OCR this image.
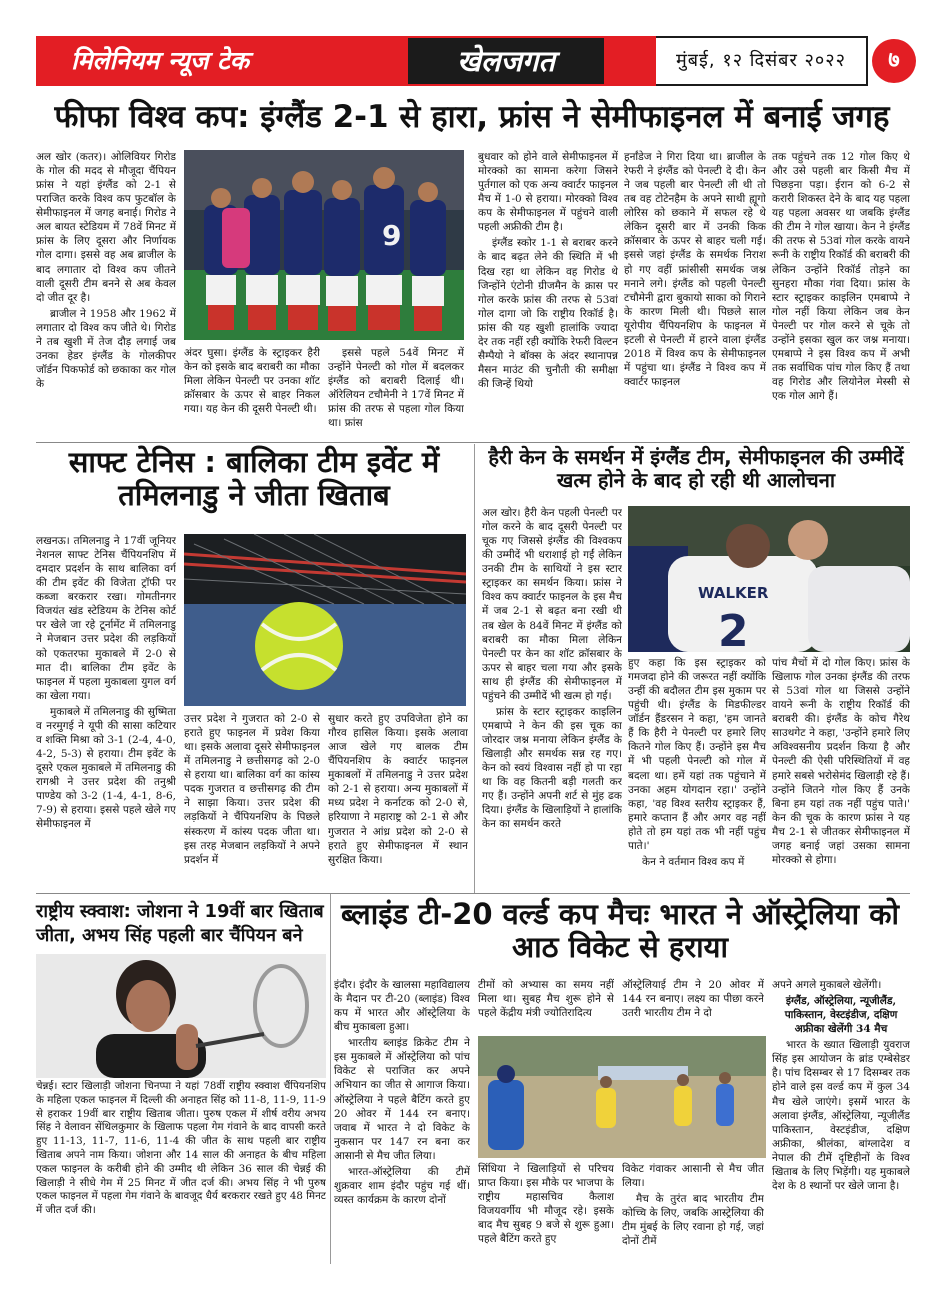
मिलेनियम न्यूज टेक	खेलजगत	मुंबई, १२ दिसंबर २०२२	७
फीफा विश्व कप: इंग्लैंड 2-1 से हारा, फ्रांस ने सेमीफाइनल में बनाई जगह

अल खोर (कतर)। ओलिवियर गिरोड के गोल की मदद से मौजूदा चैंपियन फ्रांस ने यहां इंग्लैंड को 2-1 से पराजित करके विश्व कप फुटबॉल के सेमीफाइनल में जगह बनाई। गिरोड ने अल बायत स्टेडियम में 78वें मिनट में फ्रांस के लिए दूसरा और निर्णायक गोल दागा। इससे वह अब ब्राजील के बाद लगातार दो विश्व कप जीतने वाली दूसरी टीम बनने से अब केवल दो जीत दूर है।

ब्राजील ने 1958 और 1962 में लगातार दो विश्व कप जीते थे। गिरोड ने तब खुशी में तेज दौड़ लगाई जब उनका हेडर इंग्लैंड के गोलकीपर जॉर्डन पिकफोर्ड को छकाका कर गोल के

9

अंदर घुसा। इंग्लैंड के स्ट्राइकर हैरी केन को इसके बाद बराबरी का मौका मिला लेकिन पेनल्टी पर उनका शॉट क्रॉसबार के ऊपर से बाहर निकल गया। यह केन की दूसरी पेनल्टी थी।

इससे पहले 54वें मिनट में उन्होंने पेनल्टी को गोल में बदलकर इंग्लैंड को बराबरी दिलाई थी। ऑरेलियन टचौमेनी ने 17वें मिनट में फ्रांस की तरफ से पहला गोल किया था। फ्रांस

बुधवार को होने वाले सेमीफाइनल में मोरक्को का सामना करेगा जिसने पुर्तगाल को एक अन्य क्वार्टर फाइनल मैच में 1-0 से हराया। मोरक्को विश्व कप के सेमीफाइनल में पहुंचने वाली पहली अफ्रीकी टीम है।

इंग्लैंड स्कोर 1-1 से बराबर करने के बाद बढ़त लेने की स्थिति में भी दिख रहा था लेकिन वह गिरोड थे जिन्होंने एंटोनी ग्रीजमैन के क्रास पर गोल करके फ्रांस की तरफ से 53वां गोल दागा जो कि राष्ट्रीय रिकॉर्ड है। फ्रांस की यह खुशी हालांकि ज्यादा देर तक नहीं रही क्योंकि रेफरी विल्टन सैम्पैयो ने बॉक्स के अंदर स्थानापन्न मैसन माउंट की चुनौती की समीक्षा की जिन्हें थियो

हर्नांडेज ने गिरा दिया था। ब्राजील के रेफरी ने इंग्लैंड को पेनल्टी दे दी। केन ने जब पहली बार पेनल्टी ली थी तो तब वह टोटेनहैम के अपने साथी ह्यूगो लोरिस को छकाने में सफल रहे थे लेकिन दूसरी बार में उनकी किक क्रॉसबार के ऊपर से बाहर चली गई। इससे जहां इंग्लैंड के समर्थक निराश हो गए वहीं फ्रांसीसी समर्थक जश्न मनाने लगे। इंग्लैंड को पहली पेनल्टी टचौमेनी द्वारा बुकायो साका को गिराने के कारण मिली थी। पिछले साल यूरोपीय चैंपियनशिप के फाइनल में इटली से पेनल्टी में हारने वाला इंग्लैंड 2018 में विश्व कप के सेमीफाइनल में पहुंचा था। इंग्लैंड ने विश्व कप में क्वार्टर फाइनल

तक पहुंचने तक 12 गोल किए थे और उसे पहली बार किसी मैच में पिछड़ना पड़ा। ईरान को 6-2 से करारी शिकस्त देने के बाद यह पहला यह पहला अवसर था जबकि इंग्लैंड की टीम ने गोल खाया। केन ने इंग्लैंड की तरफ से 53वां गोल करके वायने रूनी के राष्ट्रीय रिकॉर्ड की बराबरी की लेकिन उन्होंने रिकॉर्ड तोड़ने का सुनहरा मौका गंवा दिया। फ्रांस के स्टार स्ट्राइकर काइलिन एमबाप्पे ने गोल नहीं किया लेकिन जब केन पेनल्टी पर गोल करने से चूके तो उन्होंने इसका खुल कर जश्न मनाया। एमबाप्पे ने इस विश्व कप में अभी तक सर्वाधिक पांच गोल किए हैं तथा वह गिरोड और लियोनेल मेस्सी से एक गोल आगे हैं।

साफ्ट टेनिस : बालिका टीम इवेंट में तमिलनाडु ने जीता खिताब

लखनऊ। तमिलनाडु ने 17वीं जूनियर नेशनल साफ्ट टेनिस चैंपियनशिप में दमदार प्रदर्शन के साथ बालिका वर्ग की टीम इवेंट की विजेता ट्रॉफी पर कब्जा बरकरार रखा। गोमतीनगर विजयंत खंड स्टेडियम के टेनिस कोर्ट पर खेले जा रहे टूर्नामेंट में तमिलनाडु ने मेजबान उत्तर प्रदेश की लड़कियों को एकतरफा मुकाबले में 2-0 से मात दी। बालिका टीम इवेंट के फाइनल में पहला मुकाबला युगल वर्ग का खेला गया।

मुकाबले में तमिलनाडु की सुष्मिता व नरमुगई ने यूपी की सासा कटियार व शक्ति मिश्रा को 3-1 (2-4, 4-0, 4-2, 5-3) से हराया। टीम इवेंट के दूसरे एकल मुकाबले में तमिलनाडु की रागश्री ने उत्तर प्रदेश की तनुश्री पाण्डेय को 3-2 (1-4, 4-1, 8-6, 7-9) से हराया। इससे पहले खेले गए सेमीफाइनल में

उत्तर प्रदेश ने गुजरात को 2-0 से हराते हुए फाइनल में प्रवेश किया था। इसके अलावा दूसरे सेमीफाइनल में तमिलनाडु ने छत्तीसगढ़ को 2-0 से हराया था। बालिका वर्ग का कांस्य पदक गुजरात व छत्तीसगढ़ की टीम ने साझा किया। उत्तर प्रदेश की लड़कियों ने चैंपियनशिप के पिछले संस्करण में कांस्य पदक जीता था। इस तरह मेजबान लड़कियों ने अपने प्रदर्शन में

सुधार करते हुए उपविजेता होने का गौरव हासिल किया। इसके अलावा आज खेले गए बालक टीम चैंपियनशिप के क्वार्टर फाइनल मुकाबलों में तमिलनाडु ने उत्तर प्रदेश को 2-1 से हराया। अन्य मुकाबलों में मध्य प्रदेश ने कर्नाटक को 2-0 से, हरियाणा ने महाराष्ट्र को 2-1 से और गुजरात ने आंध्र प्रदेश को 2-0 से हराते हुए सेमीफाइनल में स्थान सुरक्षित किया।

हैरी केन के समर्थन में इंग्लैंड टीम, सेमीफाइनल की उम्मीदें खत्म होने के बाद हो रही थी आलोचना

अल खोर। हैरी केन पहली पेनल्टी पर गोल करने के बाद दूसरी पेनल्टी पर चूक गए जिससे इंग्लैंड की विश्वकप की उम्मीदें भी धराशाई हो गईं लेकिन उनकी टीम के साथियों ने इस स्टार स्ट्राइकर का समर्थन किया। फ्रांस ने विश्व कप क्वार्टर फाइनल के इस मैच में जब 2-1 से बढ़त बना रखी थी तब खेल के 84वें मिनट में इंग्लैंड को बराबरी का मौका मिला लेकिन पेनल्टी पर केन का शॉट क्रॉसबार के ऊपर से बाहर चला गया और इसके साथ ही इंग्लैंड की सेमीफाइनल में पहुंचने की उम्मीदें भी खत्म हो गई।

फ्रांस के स्टार स्ट्राइकर काइलिन एमबाप्पे ने केन की इस चूक का जोरदार जश्न मनाया लेकिन इंग्लैंड के खिलाड़ी और समर्थक सन्न रह गए। केन को स्वयं विश्वास नहीं हो पा रहा था कि वह कितनी बड़ी गलती कर गए हैं। उन्होंने अपनी शर्ट से मुंह ढक दिया। इंग्लैंड के खिलाड़ियों ने हालांकि केन का समर्थन करते

WALKER
2

हुए कहा कि इस स्ट्राइकर को गमजदा होने की जरूरत नहीं क्योंकि उन्हीं की बदौलत टीम इस मुकाम पर पहुंची थी। इंग्लैंड के मिडफील्डर जॉर्डन हैंडरसन ने कहा, 'हम जानते हैं कि हैरी ने पेनल्टी पर हमारे लिए कितने गोल किए हैं। उन्होंने इस मैच में भी पहली पेनल्टी को गोल में बदला था। हमें यहां तक पहुंचाने में उनका अहम योगदान रहा।' उन्होंने कहा, 'वह विश्व स्तरीय स्ट्राइकर हैं, हमारे कप्तान हैं और अगर वह नहीं होते तो हम यहां तक भी नहीं पहुंच पाते।'

केन ने वर्तमान विश्व कप में

पांच मैचों में दो गोल किए। फ्रांस के खिलाफ गोल उनका इंग्लैंड की तरफ से 53वां गोल था जिससे उन्होंने वायने रूनी के राष्ट्रीय रिकॉर्ड की बराबरी की। इंग्लैंड के कोच गैरेथ साउथगेट ने कहा, 'उन्होंने हमारे लिए अविश्वसनीय प्रदर्शन किया है और पेनल्टी की ऐसी परिस्थितियों में वह हमारे सबसे भरोसेमंद खिलाड़ी रहे हैं। उन्होंने जितने गोल किए हैं उनके बिना हम यहां तक नहीं पहुंच पाते।' केन की चूक के कारण फ्रांस ने यह मैच 2-1 से जीतकर सेमीफाइनल में जगह बनाई जहां उसका सामना मोरक्को से होगा।

राष्ट्रीय स्क्वाश: जोशना ने 19वीं बार खिताब जीता, अभय सिंह पहली बार चैंपियन बने

चेन्नई। स्टार खिलाड़ी जोशना चिनप्पा ने यहां 78वीं राष्ट्रीय स्क्वाश चैंपियनशिप के महिला एकल फाइनल में दिल्ली की अनाहत सिंह को 11-8, 11-9, 11-9 से हराकर 19वीं बार राष्ट्रीय खिताब जीता। पुरुष एकल में शीर्ष वरीय अभय सिंह ने वेलावन सेंथिलकुमार के खिलाफ पहला गेम गंवाने के बाद वापसी करते हुए 11-13, 11-7, 11-6, 11-4 की जीत के साथ पहली बार राष्ट्रीय खिताब अपने नाम किया। जोशना और 14 साल की अनाहत के बीच महिला एकल फाइनल के करीबी होने की उम्मीद थी लेकिन 36 साल की चेन्नई की खिलाड़ी ने सीधे गेम में 25 मिनट में जीत दर्ज की। अभय सिंह ने भी पुरुष एकल फाइनल में पहला गेम गंवाने के बावजूद धैर्य बरकरार रखते हुए 48 मिनट में जीत दर्ज की।

ब्लाइंड टी-20 वर्ल्ड कप मैचः भारत ने ऑस्ट्रेलिया को आठ विकेट से हराया

इंदौर। इंदौर के खालसा महाविद्यालय के मैदान पर टी-20 (ब्लाइंड) विश्व कप में भारत और ऑस्ट्रेलिया के बीच मुकाबला हुआ।

भारतीय ब्लाइंड क्रिकेट टीम ने इस मुकाबले में ऑस्ट्रेलिया को पांच विकेट से पराजित कर अपने अभियान का जीत से आगाज किया। ऑस्ट्रेलिया ने पहले बैटिंग करते हुए 20 ओवर में 144 रन बनाए। जवाब में भारत ने दो विकेट के नुकसान पर 147 रन बना कर आसानी से मैच जीत लिया।

भारत-ऑस्ट्रेलिया की टीमें शुक्रवार शाम इंदौर पहुंच गई थीं। व्यस्त कार्यक्रम के कारण दोनों

टीमों को अभ्यास का समय नहीं मिला था। सुबह मैच शुरू होने से पहले केंद्रीय मंत्री ज्योतिरादित्य

ऑस्ट्रेलियाई टीम ने 20 ओवर में 144 रन बनाए। लक्ष्य का पीछा करने उतरी भारतीय टीम ने दो

सिंधिया ने खिलाड़ियों से परिचय प्राप्त किया। इस मौके पर भाजपा के राष्ट्रीय महासचिव कैलाश विजयवर्गीय भी मौजूद रहे। इसके बाद मैच सुबह 9 बजे से शुरू हुआ। पहले बैटिंग करते हुए

विकेट गंवाकर आसानी से मैच जीत लिया।

मैच के तुरंत बाद भारतीय टीम कोच्चि के लिए, जबकि आस्ट्रेलिया की टीम मुंबई के लिए रवाना हो गई, जहां दोनों टीमें

अपने अगले मुकाबले खेलेंगी।

इंग्लैंड, ऑस्ट्रेलिया, न्यूजीलैंड, पाकिस्तान, वेस्टइंडीज, दक्षिण अफ्रीका खेलेंगी 34 मैच

भारत के ख्यात खिलाड़ी युवराज सिंह इस आयोजन के ब्रांड एम्बेसेडर है। पांच दिसम्बर से 17 दिसम्बर तक होने वाले इस वर्ल्ड कप में कुल 34 मैच खेले जाएंगे। इसमें भारत के अलावा इंग्लैंड, ऑस्ट्रेलिया, न्यूजीलैंड पाकिस्तान, वेस्टइंडीज, दक्षिण अफ्रीका, श्रीलंका, बांग्लादेश व नेपाल की टीमें दृष्टिहीनों के विश्व खिताब के लिए भिड़ेंगी। यह मुकाबले देश के 8 स्थानों पर खेले जाना है।
